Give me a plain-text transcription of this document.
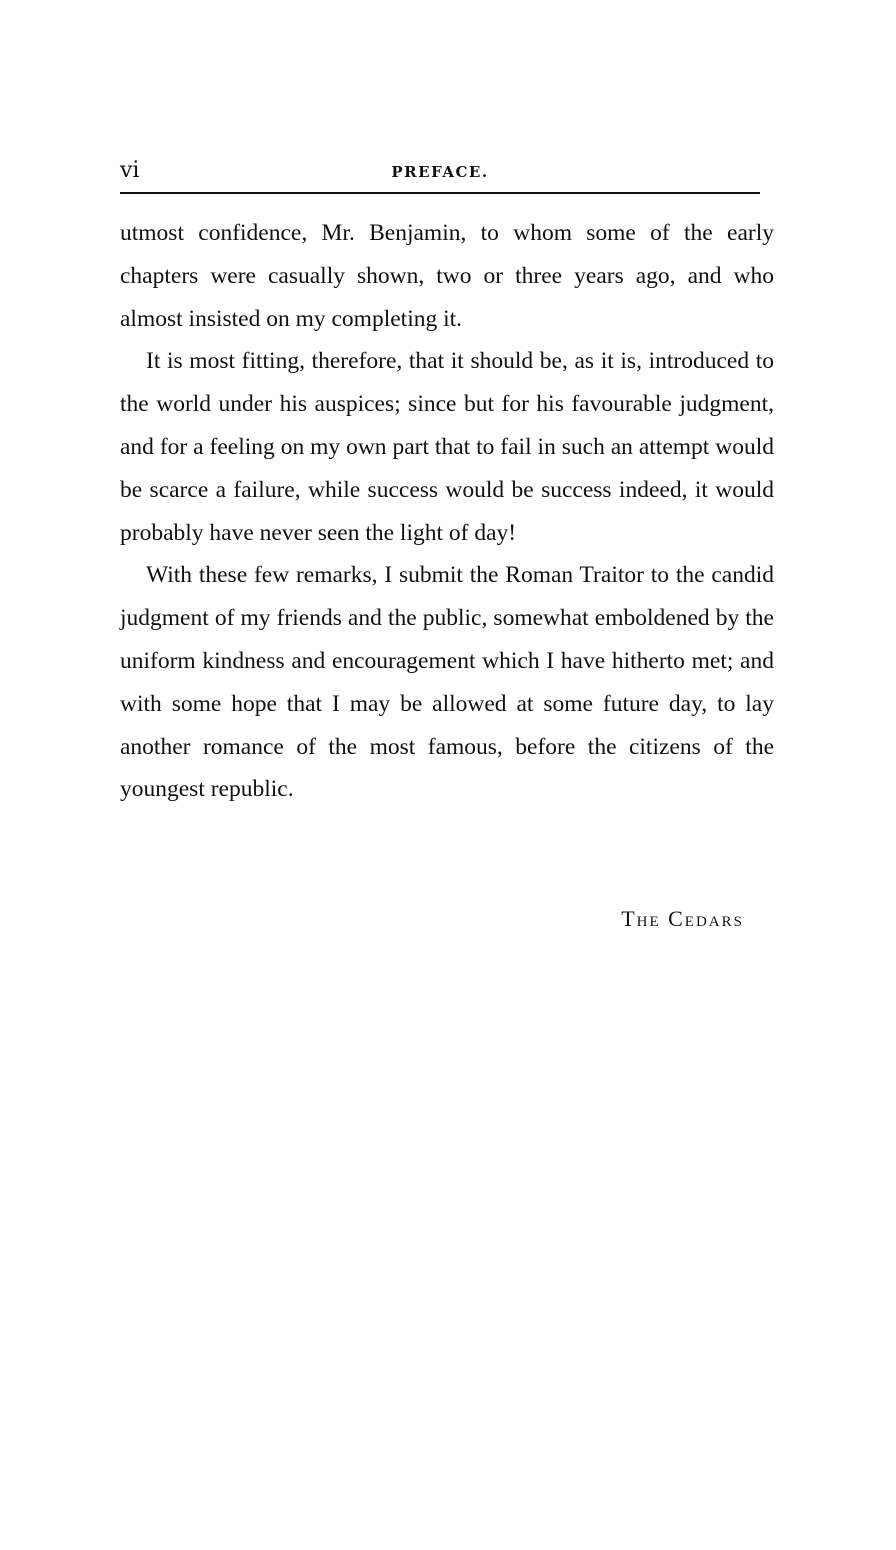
vi	PREFACE.

utmost confidence, Mr. Benjamin, to whom some of the early chapters were casually shown, two or three years ago, and who almost insisted on my completing it.

It is most fitting, therefore, that it should be, as it is, introduced to the world under his auspices; since but for his favourable judgment, and for a feeling on my own part that to fail in such an attempt would be scarce a failure, while success would be success indeed, it would probably have never seen the light of day!

With these few remarks, I submit the Roman Traitor to the candid judgment of my friends and the public, somewhat emboldened by the uniform kindness and encouragement which I have hitherto met; and with some hope that I may be allowed at some future day, to lay another romance of the most famous, before the citizens of the youngest republic.

The Cedars
